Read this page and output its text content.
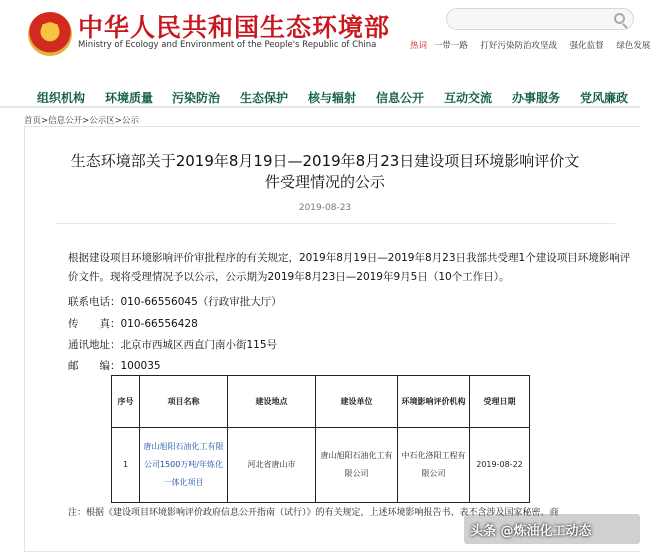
中华人民共和国生态环境部
Ministry of Ecology and Environment of the People's Republic of China	热词 一带一路 打好污染防治攻坚战 强化监督 绿色发展
组织机构 环境质量 污染防治 生态保护 核与辐射 信息公开 互动交流 办事服务 党风廉政
首页>信息公开>公示区>公示
生态环境部关于2019年8月19日—2019年8月23日建设项目环境影响评价文件受理情况的公示
2019-08-23
根据建设项目环境影响评价审批程序的有关规定，2019年8月19日—2019年8月23日我部共受理1个建设项目环境影响评价文件。现将受理情况予以公示，公示期为2019年8月23日—2019年9月5日（10个工作日）。
联系电话：010-66556045（行政审批大厅）
传　　真：010-66556428
通讯地址：北京市西城区西直门南小街115号
邮　　编：100035
序号	项目名称	建设地点	建设单位	环境影响评价机构	受理日期
1	唐山旭阳石油化工有限公司1500万吨/年炼化一体化项目	河北省唐山市	唐山旭阳石油化工有限公司	中石化洛阳工程有限公司	2019-08-22
注：根据《建设项目环境影响评价政府信息公开指南（试行）》的有关规定，上述环境影响报告书、表不含涉及国家秘密、商
头条 @炼油化工动态
